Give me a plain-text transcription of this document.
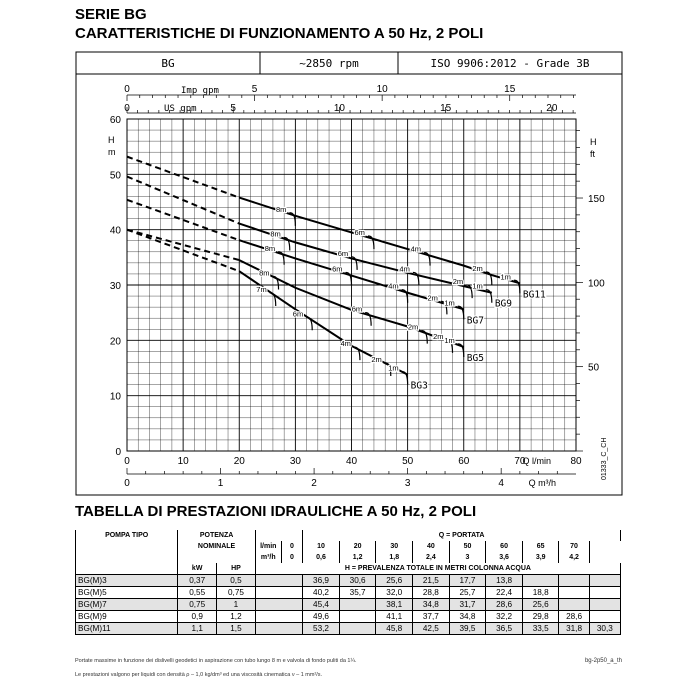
SERIE BG
CARATTERISTICHE DI FUNZIONAMENTO A 50 Hz, 2 POLI
BG	~2850 rpm	ISO 9906:2012 - Grade 3B
0
10
20
30
40
50
60
0	10	20	30	40	50	60	70	80
Q l/min
0	1	2	3	4	Q m³/h
0	5	10	15
Imp gpm
0	5	10	15	20
US gpm
50
100
150
H
m
H
ft
01333_C_CH
7m
6m
4m
2m
1m
BG3
8m
6m
2m
2m 1m
BG5
8m
6m
4m
2m
1m
BG7
8m
6m
4m
2m
1m
BG9
8m
6m
4m
2m
1m
BG11
TABELLA DI PRESTAZIONI IDRAULICHE A 50 Hz, 2 POLI
POMPA TIPO	POTENZA				Q = PORTATA								
	NOMINALE		l/min	0	10	20	30	40	50	60	65	70	
			m³/h	0	0,6	1,2	1,8	2,4	3	3,6	3,9	4,2	
	kW	HP	H = PREVALENZA TOTALE IN METRI COLONNA ACQUA										
BG(M)3	0,37	0,5			36,9	30,6	25,6	21,5	17,7	13,8			
BG(M)5	0,55	0,75			40,2	35,7	32,0	28,8	25,7	22,4	18,8		
BG(M)7	0,75	1			45,4		38,1	34,8	31,7	28,6	25,6		
BG(M)9	0,9	1,2			49,6		41,1	37,7	34,8	32,2	29,8	28,6	
BG(M)11	1,1	1,5			53,2		45,8	42,5	39,5	36,5	33,5	31,8	30,3
Portate massime in funzione dei dislivelli geodetici in aspirazione con tubo lungo 8 m e valvola di fondo puliti da 1¼.
Le prestazioni valgono per liquidi con densità ρ – 1,0 kg/dm³ ed una viscosità cinematica ν – 1 mm²/s.
bg-2p50_a_th
